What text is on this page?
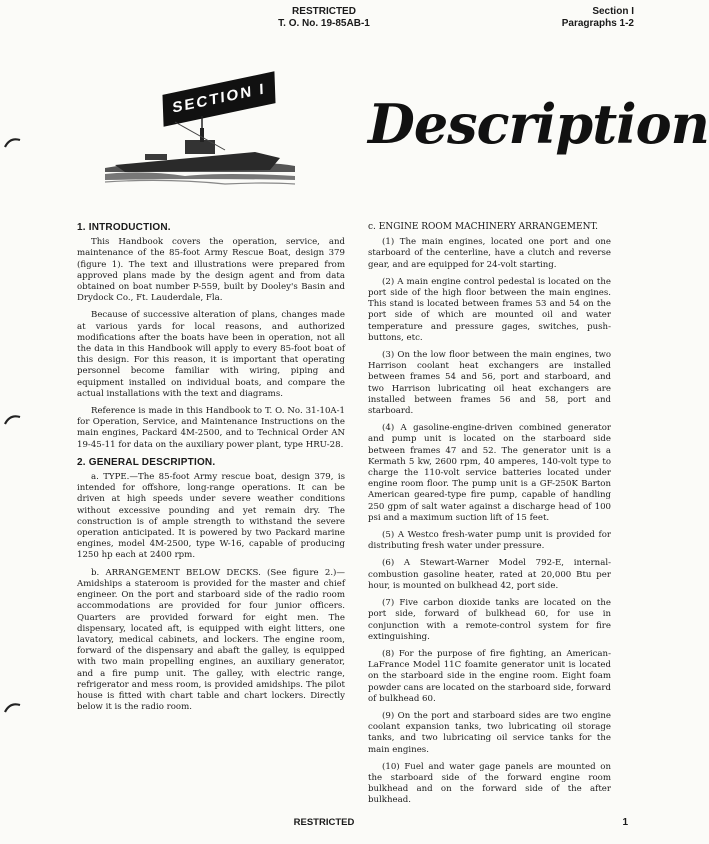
RESTRICTED
T. O. No. 19-85AB-1
Section I
Paragraphs 1-2
SECTION I Description
1. INTRODUCTION.

This Handbook covers the operation, service, and maintenance of the 85-foot Army Rescue Boat, design 379 (figure 1). The text and illustrations were prepared from approved plans made by the design agent and from data obtained on boat number P-559, built by Dooley's Basin and Drydock Co., Ft. Lauderdale, Fla.

Because of successive alteration of plans, changes made at various yards for local reasons, and authorized modifications after the boats have been in operation, not all the data in this Handbook will apply to every 85-foot boat of this design. For this reason, it is important that operating personnel become familiar with wiring, piping and equipment installed on individual boats, and compare the actual installations with the text and diagrams.

Reference is made in this Handbook to T. O. No. 31-10A-1 for Operation, Service, and Maintenance Instructions on the main engines, Packard 4M-2500, and to Technical Order AN 19-45-11 for data on the auxiliary power plant, type HRU-28.

2. GENERAL DESCRIPTION.

a. TYPE.—The 85-foot Army rescue boat, design 379, is intended for offshore, long-range operations. It can be driven at high speeds under severe weather conditions without excessive pounding and yet remain dry. The construction is of ample strength to withstand the severe operation anticipated. It is powered by two Packard marine engines, model 4M-2500, type W-16, capable of producing 1250 hp each at 2400 rpm.

b. ARRANGEMENT BELOW DECKS. (See figure 2.)—Amidships a stateroom is provided for the master and chief engineer. On the port and starboard side of the radio room accommodations are provided for four junior officers. Quarters are provided forward for eight men. The dispensary, located aft, is equipped with eight litters, one lavatory, medical cabinets, and lockers. The engine room, forward of the dispensary and abaft the galley, is equipped with two main propelling engines, an auxiliary generator, and a fire pump unit. The galley, with electric range, refrigerator and mess room, is provided amidships. The pilot house is fitted with chart table and chart lockers. Directly below it is the radio room.

c. ENGINE ROOM MACHINERY ARRANGEMENT.

(1) The main engines, located one port and one starboard of the centerline, have a clutch and reverse gear, and are equipped for 24-volt starting.

(2) A main engine control pedestal is located on the port side of the high floor between the main engines. This stand is located between frames 53 and 54 on the port side of which are mounted oil and water temperature and pressure gages, switches, push-buttons, etc.

(3) On the low floor between the main engines, two Harrison coolant heat exchangers are installed between frames 54 and 56, port and starboard, and two Harrison lubricating oil heat exchangers are installed between frames 56 and 58, port and starboard.

(4) A gasoline-engine-driven combined generator and pump unit is located on the starboard side between frames 47 and 52. The generator unit is a Kermath 5 kw, 2600 rpm, 40 amperes, 140-volt type to charge the 110-volt service batteries located under engine room floor. The pump unit is a GF-250K Barton American geared-type fire pump, capable of handling 250 gpm of salt water against a discharge head of 100 psi and a maximum suction lift of 15 feet.

(5) A Westco fresh-water pump unit is provided for distributing fresh water under pressure.

(6) A Stewart-Warner Model 792-E, internal-combustion gasoline heater, rated at 20,000 Btu per hour, is mounted on bulkhead 42, port side.

(7) Five carbon dioxide tanks are located on the port side, forward of bulkhead 60, for use in conjunction with a remote-control system for fire extinguishing.

(8) For the purpose of fire fighting, an American-LaFrance Model 11C foamite generator unit is located on the starboard side in the engine room. Eight foam powder cans are located on the starboard side, forward of bulkhead 60.

(9) On the port and starboard sides are two engine coolant expansion tanks, two lubricating oil storage tanks, and two lubricating oil service tanks for the main engines.

(10) Fuel and water gage panels are mounted on the starboard side of the forward engine room bulkhead and on the forward side of the after bulkhead.

RESTRICTED	1
